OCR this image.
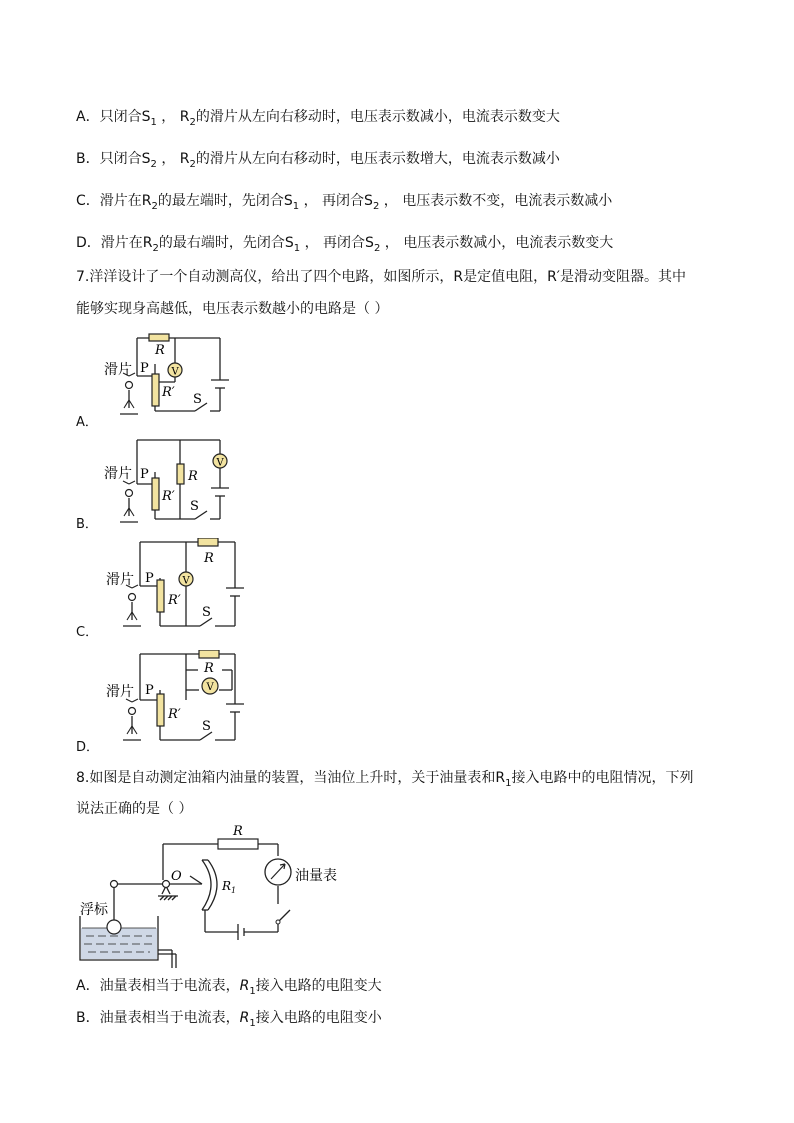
A．只闭合$S_1$ ， $R_2$的滑片从左向右移动时，电压表示数减小，电流表示数变大
B．只闭合$S_2$ ， $R_2$的滑片从左向右移动时，电压表示数增大，电流表示数减小
C．滑片在$R_2$的最左端时，先闭合$S_1$ ， 再闭合$S_2$ ， 电压表示数不变，电流表示数减小
D．滑片在$R_2$的最右端时，先闭合$S_1$ ， 再闭合$S_2$ ， 电压表示数减小，电流表示数变大
7.洋洋设计了一个自动测高仪，给出了四个电路，如图所示，R是定值电阻，R′是滑动变阻器。其中
能够实现身高越低，电压表示数越小的电路是（ ）
滑片 P
R
R′
V
S
A．
滑片 P	R
R′
V
S
B．
滑片 P
R
R′
V
S
C．
滑片 P
R
R′
V
S
D．
8.如图是自动测定油箱内油量的装置，当油位上升时，关于油量表和$R_1$接入电路中的电阻情况，下列
说法正确的是（ ）
R
O
$R_1$
油量表
浮标
A．油量表相当于电流表，$R_1$接入电路的电阻变大
B．油量表相当于电流表，$R_1$接入电路的电阻变小
